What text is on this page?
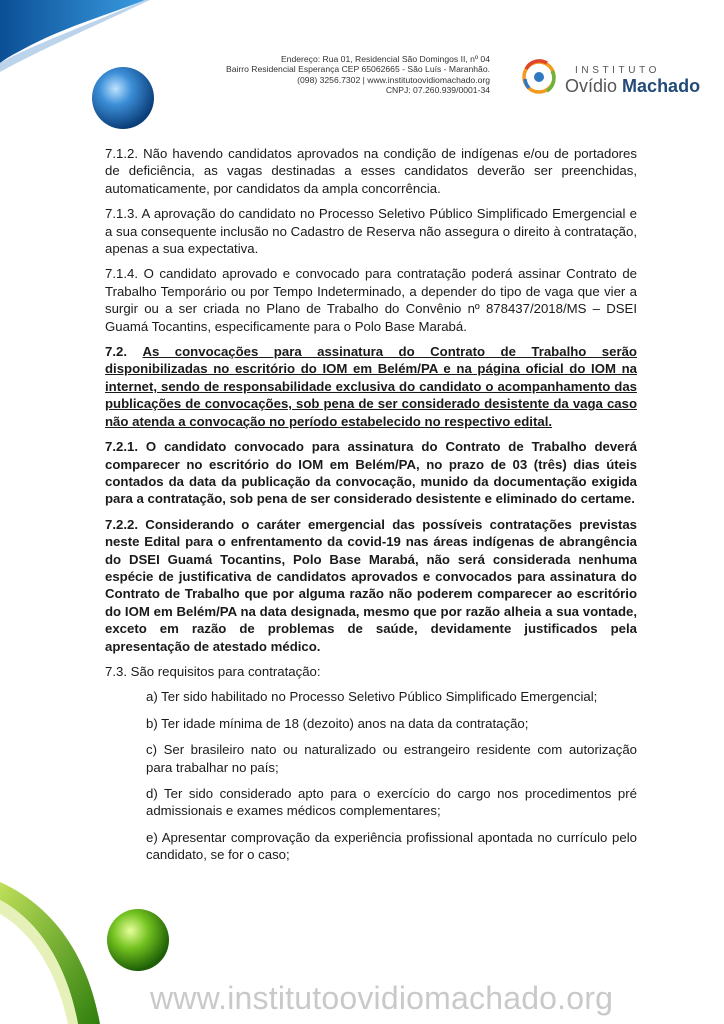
Endereço: Rua 01, Residencial São Domingos II, nº 04
Bairro Residencial Esperança CEP 65062665 - São Luís - Maranhão.
(098) 3256.7302 | www.institutoovidiomachado.org
CNPJ: 07.260.939/0001-34
INSTITUTO
Ovídio Machado

7.1.2. Não havendo candidatos aprovados na condição de indígenas e/ou de portadores de deficiência, as vagas destinadas a esses candidatos deverão ser preenchidas, automaticamente, por candidatos da ampla concorrência.

7.1.3. A aprovação do candidato no Processo Seletivo Público Simplificado Emergencial e a sua consequente inclusão no Cadastro de Reserva não assegura o direito à contratação, apenas a sua expectativa.

7.1.4. O candidato aprovado e convocado para contratação poderá assinar Contrato de Trabalho Temporário ou por Tempo Indeterminado, a depender do tipo de vaga que vier a surgir ou a ser criada no Plano de Trabalho do Convênio nº 878437/2018/MS – DSEI Guamá Tocantins, especificamente para o Polo Base Marabá.

7.2. As convocações para assinatura do Contrato de Trabalho serão disponibilizadas no escritório do IOM em Belém/PA e na página oficial do IOM na internet, sendo de responsabilidade exclusiva do candidato o acompanhamento das publicações de convocações, sob pena de ser considerado desistente da vaga caso não atenda a convocação no período estabelecido no respectivo edital.

7.2.1. O candidato convocado para assinatura do Contrato de Trabalho deverá comparecer no escritório do IOM em Belém/PA, no prazo de 03 (três) dias úteis contados da data da publicação da convocação, munido da documentação exigida para a contratação, sob pena de ser considerado desistente e eliminado do certame.

7.2.2. Considerando o caráter emergencial das possíveis contratações previstas neste Edital para o enfrentamento da covid-19 nas áreas indígenas de abrangência do DSEI Guamá Tocantins, Polo Base Marabá, não será considerada nenhuma espécie de justificativa de candidatos aprovados e convocados para assinatura do Contrato de Trabalho que por alguma razão não poderem comparecer ao escritório do IOM em Belém/PA na data designada, mesmo que por razão alheia a sua vontade, exceto em razão de problemas de saúde, devidamente justificados pela apresentação de atestado médico.

7.3. São requisitos para contratação:

a) Ter sido habilitado no Processo Seletivo Público Simplificado Emergencial;

b) Ter idade mínima de 18 (dezoito) anos na data da contratação;

c) Ser brasileiro nato ou naturalizado ou estrangeiro residente com autorização para trabalhar no país;

d) Ter sido considerado apto para o exercício do cargo nos procedimentos pré admissionais e exames médicos complementares;

e) Apresentar comprovação da experiência profissional apontada no currículo pelo candidato, se for o caso;

www.institutoovidiomachado.org
